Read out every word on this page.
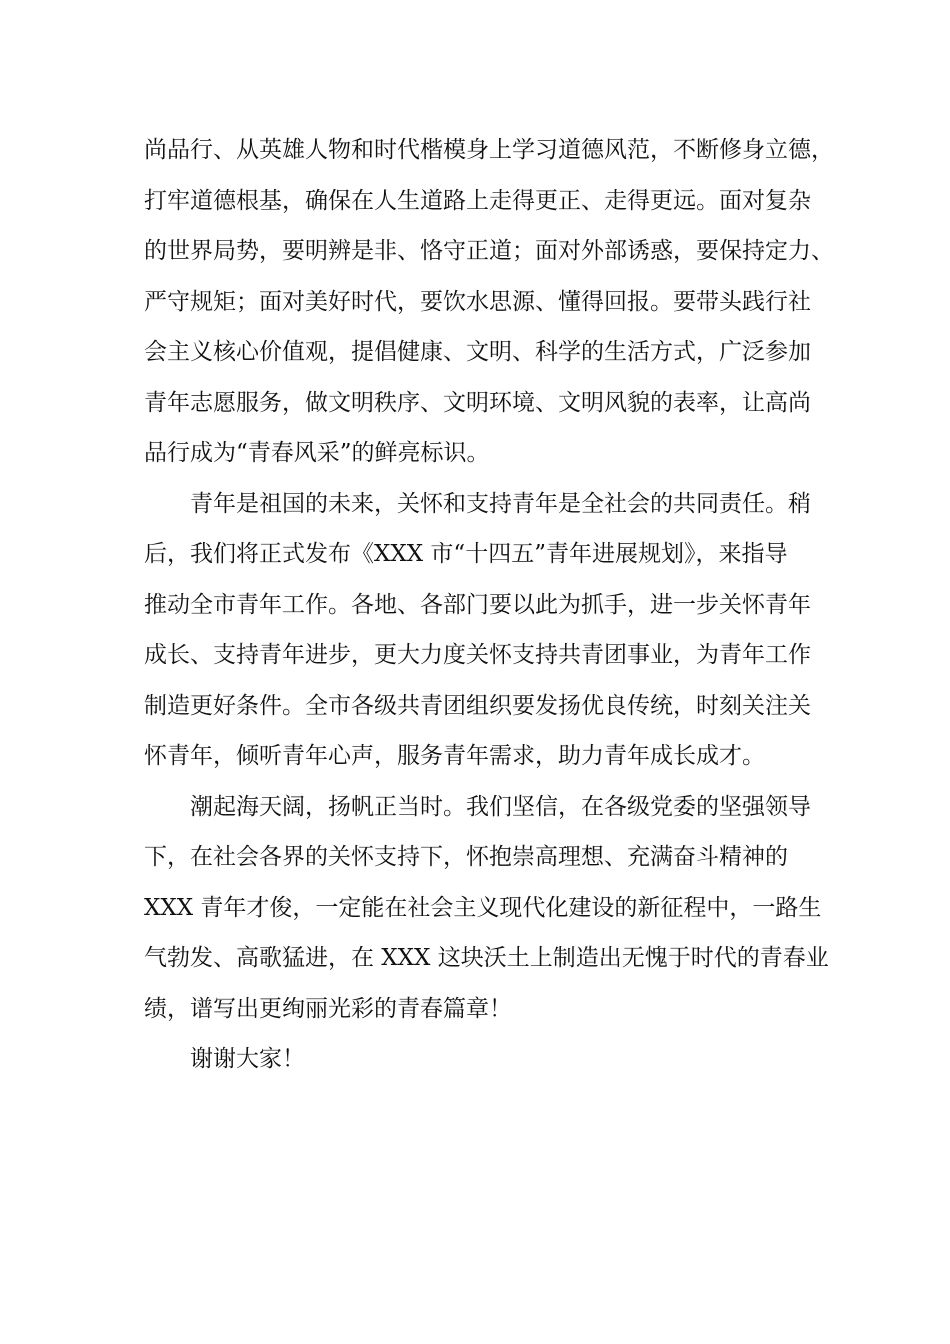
尚品行、从英雄人物和时代楷模身上学习道德风范，不断修身立德，

打牢道德根基，确保在人生道路上走得更正、走得更远。面对复杂

的世界局势，要明辨是非、恪守正道；面对外部诱惑，要保持定力、

严守规矩；面对美好时代，要饮水思源、懂得回报。要带头践行社

会主义核心价值观，提倡健康、文明、科学的生活方式，广泛参加

青年志愿服务，做文明秩序、文明环境、文明风貌的表率，让高尚

品行成为“青春风采”的鲜亮标识。

青年是祖国的未来，关怀和支持青年是全社会的共同责任。稍

后，我们将正式发布《XXX 市“十四五”青年进展规划》，来指导

推动全市青年工作。各地、各部门要以此为抓手，进一步关怀青年

成长、支持青年进步，更大力度关怀支持共青团事业，为青年工作

制造更好条件。全市各级共青团组织要发扬优良传统，时刻关注关

怀青年，倾听青年心声，服务青年需求，助力青年成长成才。

潮起海天阔，扬帆正当时。我们坚信，在各级党委的坚强领导

下，在社会各界的关怀支持下，怀抱崇高理想、充满奋斗精神的

XXX 青年才俊，一定能在社会主义现代化建设的新征程中，一路生

气勃发、高歌猛进，在 XXX 这块沃土上制造出无愧于时代的青春业

绩，谱写出更绚丽光彩的青春篇章！

谢谢大家！
